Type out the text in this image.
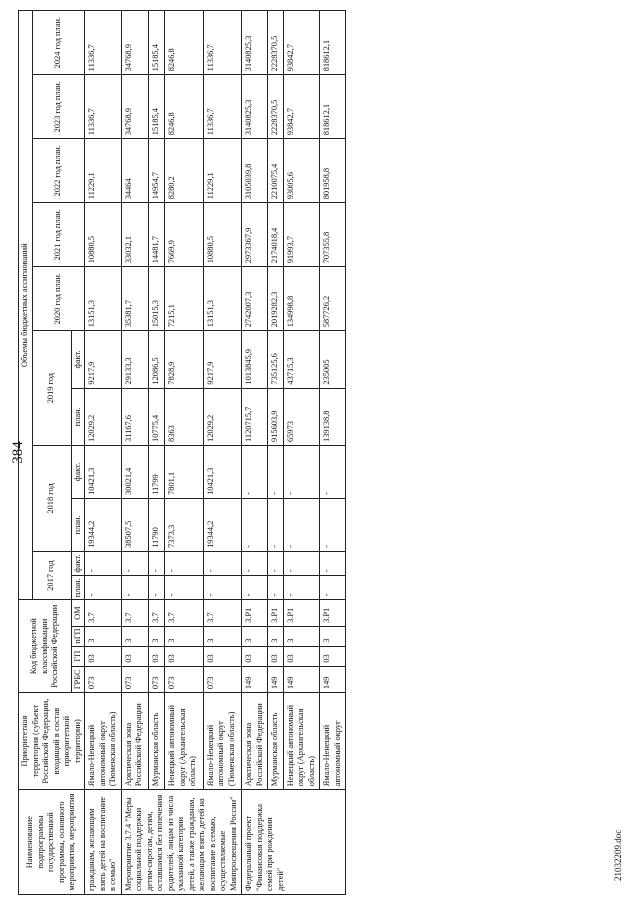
384
Наименование подпрограммы государственной программы, основного мероприятия, мероприятия	Приоритетная территория (субъект Российской Федерации, входящий в состав приоритетной территории)	Код бюджетной классификации Российской Федерации				Объемы бюджетных ассигнований										
						2017 год		2018 год		2019 год		2020 год план.	2021 год план.	2022 год план.	2023 год план.	2024 год план.
		ГРБС	ГП	пГП	ОМ	план.	факт.	план.	факт.	план.	факт.					
гражданам, желающим взять детей на воспитание в семью"	Ямало-Ненецкий автономный округ (Тюменская область)	073	03	3	3.7	-	-	19344,2	10421,3	12029,2	9217,9	13151,3	10880,5	11229,1	11336,7	11336,7
Мероприятие 3.7.4 "Меры социальной поддержки детям-сиротам, детям, оставшимся без попечения родителей, лицам из числа указанной категории детей, а также гражданам, желающим взять детей на воспитание в семью, осуществляемые Минпросвещения России"	Арктическая зона Российской Федерации	073	03	3	3.7	-	-	38507,5	30021,4	31167,6	29133,3	35381,7	33032,1	34464	34768,9	34768,9
	Мурманская область	073	03	3	3.7	-	-	11790	11799	10775,4	12086,5	15015,3	14481,7	14954,7	15185,4	15185,4
	Ненецкий автономный округ (Архангельская область)	073	03	3	3.7	-	-	7373,3	7801,1	8363	7828,9	7215,1	7669,9	8280,2	8246,8	8246,8
	Ямало-Ненецкий автономный округ (Тюменская область)	073	03	3	3.7	-	-	19344,2	10421,3	12029,2	9217,9	13151,3	10880,5	11229,1	11336,7	11336,7
Федеральный проект "Финансовая поддержка семей при рождении детей"	Арктическая зона Российской Федерации	149	03	3	3.Р1	-	-	-	-	1120715,7	1013845,9	2742007,3	2973367,9	3105039,8	3140825,3	3140825,3
	Мурманская область	149	03	3	3.Р1	-	-	-	-	915603,9	735125,6	2019282,3	2174018,4	2210075,4	2228370,5	2228370,5
	Ненецкий автономный округ (Архангельская область)	149	03	3	3.Р1	-	-	-	-	65973	43715,3	134998,8	91993,7	93005,6	93842,7	93842,7
	Ямало-Ненецкий автономный округ	149	03	3	3.Р1	-	-	-	-	139138,8	235005	587726,2	707355,8	801958,8	818612,1	818612,1
21032209.doc
